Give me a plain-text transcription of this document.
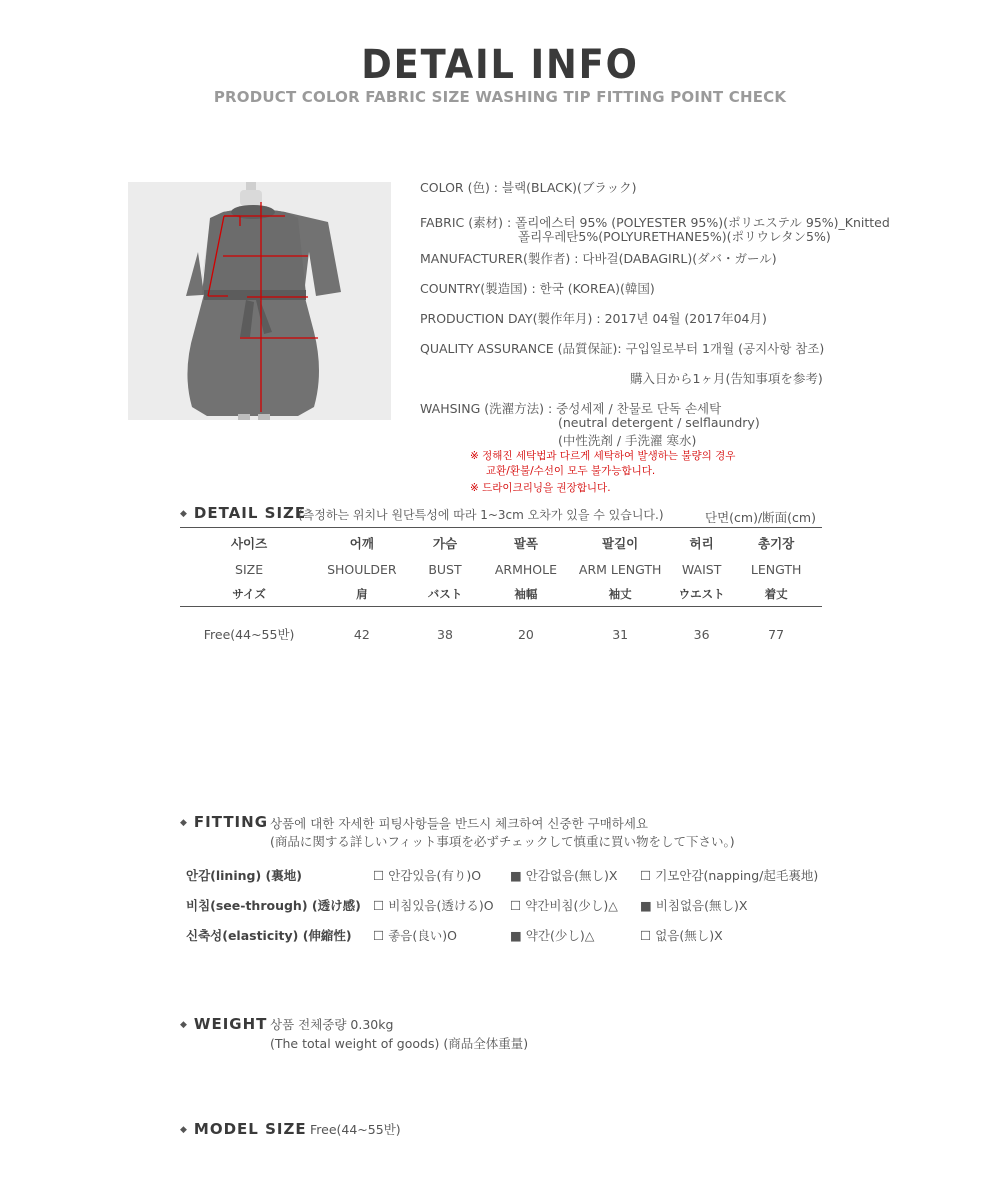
DETAIL INFO
PRODUCT COLOR FABRIC SIZE WASHING TIP FITTING POINT CHECK
COLOR (色) : 블랙(BLACK)(ブラック)
FABRIC (素材) : 폴리에스터 95% (POLYESTER 95%)(ポリエステル 95%)_Knitted
폴리우레탄5%(POLYURETHANE5%)(ポリウレタン5%)
MANUFACTURER(製作者) : 다바걸(DABAGIRL)(ダバ・ガール)
COUNTRY(製造国) : 한국 (KOREA)(韓国)
PRODUCTION DAY(製作年月) : 2017년 04월 (2017年04月)
QUALITY ASSURANCE (品質保証): 구입일로부터 1개월 (공지사항 참조)
購入日から1ヶ月(告知事項を参考)
WAHSING (洗濯方法) : 중성세제 / 찬물로 단독 손세탁
(neutral detergent / selflaundry)
(中性洗剤 / 手洗濯 寒水)
※ 정해진 세탁법과 다르게 세탁하여 발생하는 불량의 경우
교환/환불/수선이 모두 불가능합니다.
※ 드라이크리닝을 권장합니다.
◆ DETAIL SIZE
(측정하는 위치나 원단특성에 따라 1~3cm 오차가 있을 수 있습니다.)	단면(cm)/断面(cm)
사이즈	어깨	가슴	팔폭	팔길이	허리	총기장
SIZE	SHOULDER	BUST	ARMHOLE	ARM LENGTH	WAIST	LENGTH
サイズ	肩	バスト	袖幅	袖丈	ウエスト	着丈
Free(44~55반)	42	38	20	31	36	77
◆ FITTING 상품에 대한 자세한 피팅사항들을 반드시 체크하여 신중한 구매하세요
(商品に関する詳しいフィット事項を必ずチェックして慎重に買い物をして下さい。)
안감(lining) (裏地)	☐ 안감있음(有り)O ■ 안감없음(無し)X ☐ 기모안감(napping/起毛裏地)
비침(see-through) (透け感) ☐ 비침있음(透ける)O ☐ 약간비침(少し)△ ■ 비침없음(無し)X
신축성(elasticity) (伸縮性) ☐ 좋음(良い)O	■ 약간(少し)△	☐ 없음(無し)X
◆ WEIGHT 상품 전체중량 0.30kg
(The total weight of goods) (商品全体重量)
◆ MODEL SIZE Free(44~55반)
